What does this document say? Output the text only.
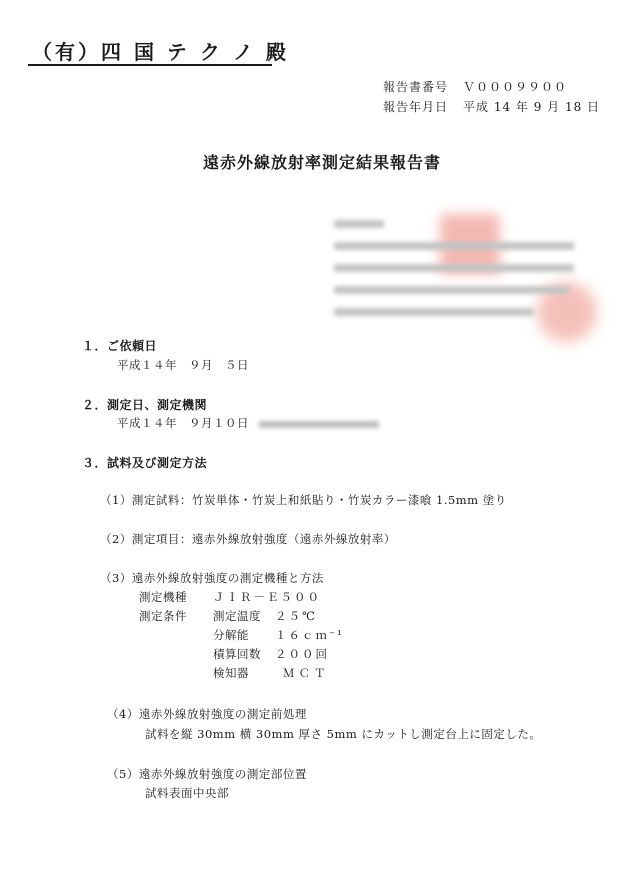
（有）四 国 テ ク ノ 殿
報告書番号 Ｖ０００９９００
報告年月日 平成 14 年 9 月 18 日
遠赤外線放射率測定結果報告書
１．ご依頼日
平成１４年　９月　５日
２．測定日、測定機関
平成１４年　９月１０日
３．試料及び測定方法
（1）測定試料：竹炭単体・竹炭上和紙貼り・竹炭カラー漆喰 1.5mm 塗り
（2）測定項目：遠赤外線放射強度（遠赤外線放射率）
（3）遠赤外線放射強度の測定機種と方法
測定機種 ＪＩＲ－Ｅ５００
測定条件 測定温度 ２５℃
分解能 １６ｃｍ⁻¹
積算回数 ２００回
検知器	ＭＣＴ
（4）遠赤外線放射強度の測定前処理
試料を縦 30mm 横 30mm 厚さ 5mm にカットし測定台上に固定した。
（5）遠赤外線放射強度の測定部位置
試料表面中央部
